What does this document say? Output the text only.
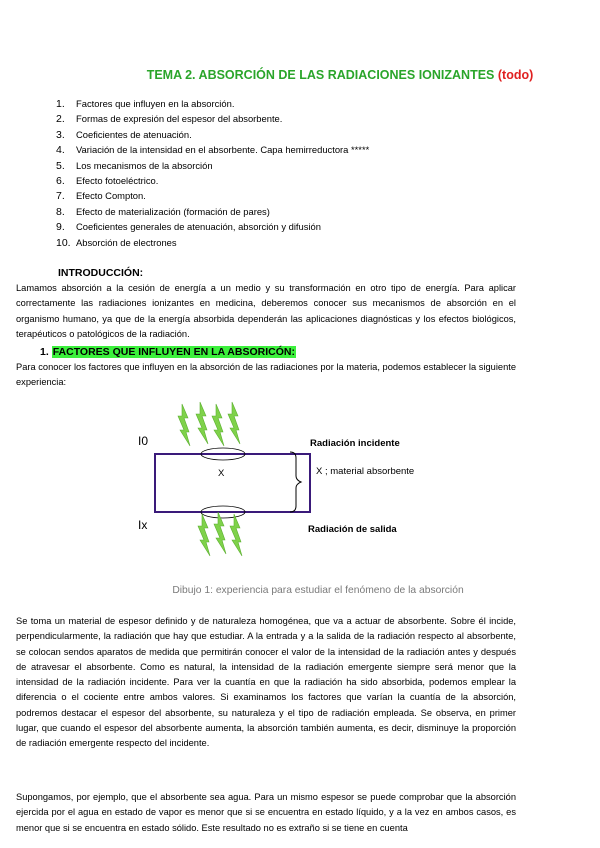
TEMA 2. ABSORCIÓN DE LAS RADIACIONES IONIZANTES (todo)
1. Factores que influyen en la absorción.
2. Formas de expresión del espesor del absorbente.
3. Coeficientes de atenuación.
4. Variación de la intensidad en el absorbente. Capa hemirreductora *****
5. Los mecanismos de la absorción
6. Efecto fotoeléctrico.
7. Efecto Compton.
8. Efecto de materialización (formación de pares)
9. Coeficientes generales de atenuación, absorción y difusión
10. Absorción de electrones
INTRODUCCIÓN:
Lamamos absorción a la cesión de energía a un medio y su transformación en otro tipo de energía. Para aplicar correctamente las radiaciones ionizantes en medicina, deberemos conocer sus mecanismos de absorción en el organismo humano, ya que de la energía absorbida dependerán las aplicaciones diagnósticas y los efectos biológicos, terapéuticos o patológicos de la radiación.
1. FACTORES QUE INFLUYEN EN LA ABSORICÓN:
Para conocer los factores que influyen en la absorción de las radiaciones por la materia, podemos establecer la siguiente experiencia:
I0
Ix
X
Radiación incidente
X ; material absorbente
Radiación de salida
Dibujo 1: experiencia para estudiar el fenómeno de la absorción
Se toma un material de espesor definido y de naturaleza homogénea, que va a actuar de absorbente. Sobre él incide, perpendicularmente, la radiación que hay que estudiar. A la entrada y a la salida de la radiación respecto al absorbente, se colocan sendos aparatos de medida que permitirán conocer el valor de la intensidad de la radiación antes y después de atravesar el absorbente. Como es natural, la intensidad de la radiación emergente siempre será menor que la intensidad de la radiación incidente. Para ver la cuantía en que la radiación ha sido absorbida, podemos emplear la diferencia o el cociente entre ambos valores. Si examinamos los factores que varían la cuantía de la absorción, podremos destacar el espesor del absorbente, su naturaleza y el tipo de radiación empleada. Se observa, en primer lugar, que cuando el espesor del absorbente aumenta, la absorción también aumenta, es decir, disminuye la proporción de radiación emergente respecto del incidente.
Supongamos, por ejemplo, que el absorbente sea agua. Para un mismo espesor se puede comprobar que la absorción ejercida por el agua en estado de vapor es menor que si se encuentra en estado líquido, y a la vez en ambos casos, es menor que si se encuentra en estado sólido. Este resultado no es extraño si se tiene en cuenta
